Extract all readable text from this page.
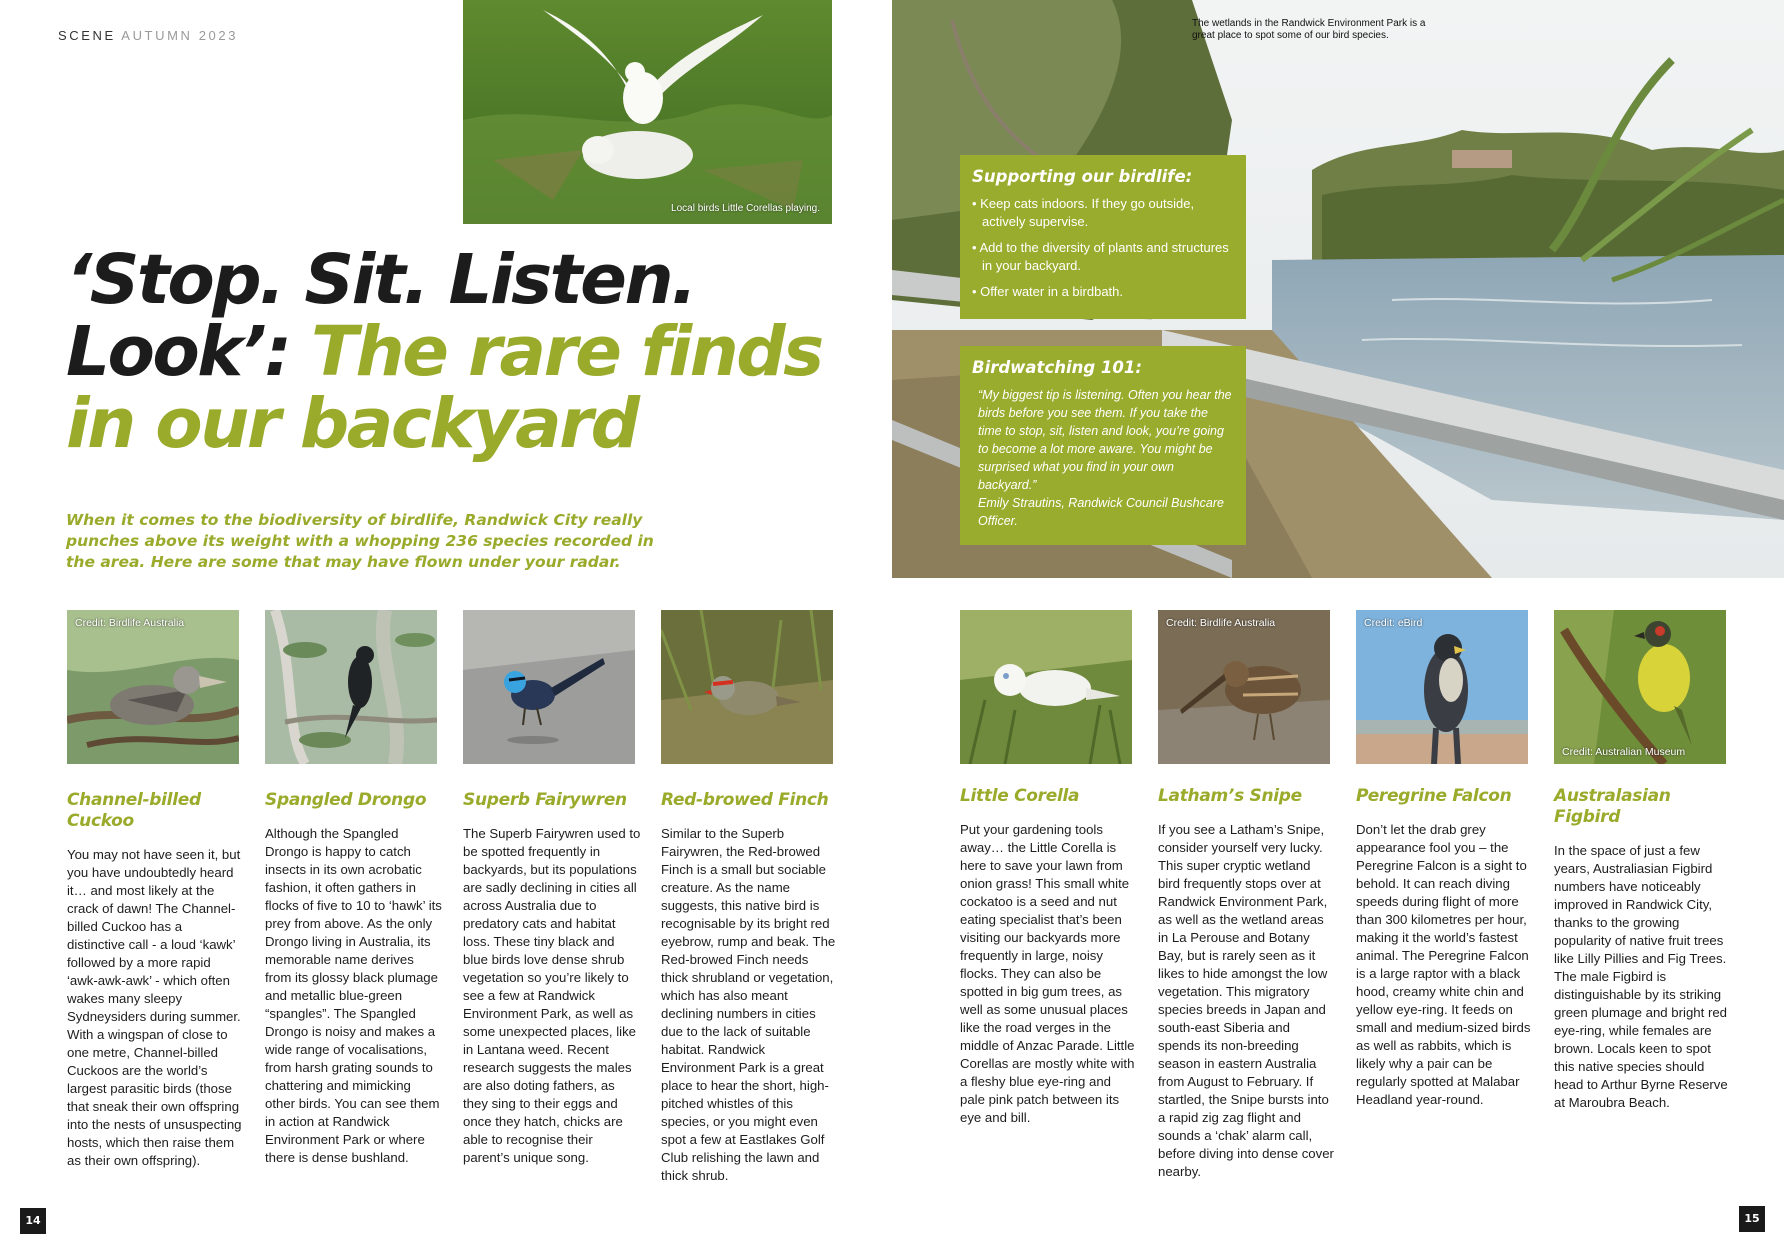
SCENE AUTUMN 2023
Local birds Little Corellas playing.
The wetlands in the Randwick Environment Park is a great place to spot some of our bird species.
‘Stop. Sit. Listen.
Look’: The rare finds
in our backyard
When it comes to the biodiversity of birdlife, Randwick City really punches above its weight with a whopping 236 species recorded in the area. Here are some that may have flown under your radar.
Supporting our birdlife:
• Keep cats indoors. If they go outside, actively supervise.
• Add to the diversity of plants and structures in your backyard.
• Offer water in a birdbath.
Birdwatching 101:
“My biggest tip is listening. Often you hear the birds before you see them. If you take the time to stop, sit, listen and look, you’re going to become a lot more aware. You might be surprised what you find in your own backyard.”
Emily Strautins, Randwick Council Bushcare Officer.
Credit: Birdlife Australia	Credit: Birdlife Australia	Credit: eBird
Credit: Australian Museum
Channel-billed Cuckoo
Spangled Drongo	Superb Fairywren	Red-browed Finch	Little Corella	Latham’s Snipe	Peregrine Falcon	Australasian Figbird
You may not have seen it, but you have undoubtedly heard it… and most likely at the crack of dawn! The Channel-billed Cuckoo has a distinctive call - a loud ‘kawk’ followed by a more rapid ‘awk-awk-awk’ - which often wakes many sleepy Sydneysiders during summer. With a wingspan of close to one metre, Channel-billed Cuckoos are the world’s largest parasitic birds (those that sneak their own offspring into the nests of unsuspecting hosts, which then raise them as their own offspring).
Although the Spangled Drongo is happy to catch insects in its own acrobatic fashion, it often gathers in flocks of five to 10 to ‘hawk’ its prey from above. As the only Drongo living in Australia, its memorable name derives from its glossy black plumage and metallic blue-green “spangles”. The Spangled Drongo is noisy and makes a wide range of vocalisations, from harsh grating sounds to chattering and mimicking other birds. You can see them in action at Randwick Environment Park or where there is dense bushland.
The Superb Fairywren used to be spotted frequently in backyards, but its populations are sadly declining in cities all across Australia due to predatory cats and habitat loss. These tiny black and blue birds love dense shrub vegetation so you’re likely to see a few at Randwick Environment Park, as well as some unexpected places, like in Lantana weed. Recent research suggests the males are also doting fathers, as they sing to their eggs and once they hatch, chicks are able to recognise their parent’s unique song.
Similar to the Superb Fairywren, the Red-browed Finch is a small but sociable creature. As the name suggests, this native bird is recognisable by its bright red eyebrow, rump and beak. The Red-browed Finch needs thick shrubland or vegetation, which has also meant declining numbers in cities due to the lack of suitable habitat. Randwick Environment Park is a great place to hear the short, high-pitched whistles of this species, or you might even spot a few at Eastlakes Golf Club relishing the lawn and thick shrub.
Put your gardening tools away… the Little Corella is here to save your lawn from onion grass! This small white cockatoo is a seed and nut eating specialist that’s been visiting our backyards more frequently in large, noisy flocks. They can also be spotted in big gum trees, as well as some unusual places like the road verges in the middle of Anzac Parade. Little Corellas are mostly white with a fleshy blue eye-ring and pale pink patch between its eye and bill.
If you see a Latham’s Snipe, consider yourself very lucky. This super cryptic wetland bird frequently stops over at Randwick Environment Park, as well as the wetland areas in La Perouse and Botany Bay, but is rarely seen as it likes to hide amongst the low vegetation. This migratory species breeds in Japan and south-east Siberia and spends its non-breeding season in eastern Australia from August to February. If startled, the Snipe bursts into a rapid zig zag flight and sounds a ‘chak’ alarm call, before diving into dense cover nearby.
Don’t let the drab grey appearance fool you – the Peregrine Falcon is a sight to behold. It can reach diving speeds during flight of more than 300 kilometres per hour, making it the world’s fastest animal. The Peregrine Falcon is a large raptor with a black hood, creamy white chin and yellow eye-ring. It feeds on small and medium-sized birds as well as rabbits, which is likely why a pair can be regularly spotted at Malabar Headland year-round.
In the space of just a few years, Australiasian Figbird numbers have noticeably improved in Randwick City, thanks to the growing popularity of native fruit trees like Lilly Pillies and Fig Trees. The male Figbird is distinguishable by its striking green plumage and bright red eye-ring, while females are brown. Locals keen to spot this native species should head to Arthur Byrne Reserve at Maroubra Beach.
14	15
